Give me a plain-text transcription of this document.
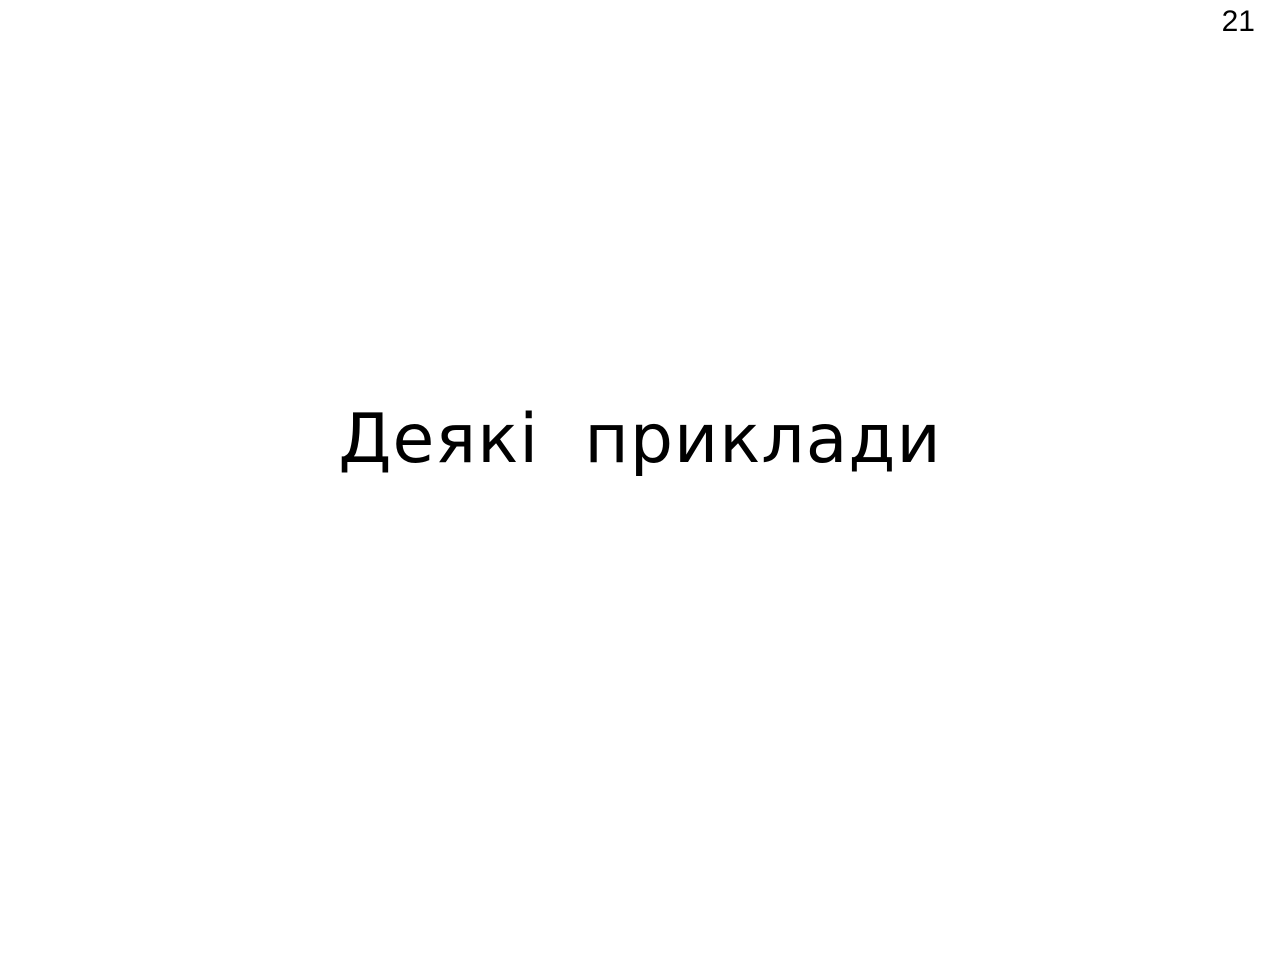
21
Деякі  приклади
